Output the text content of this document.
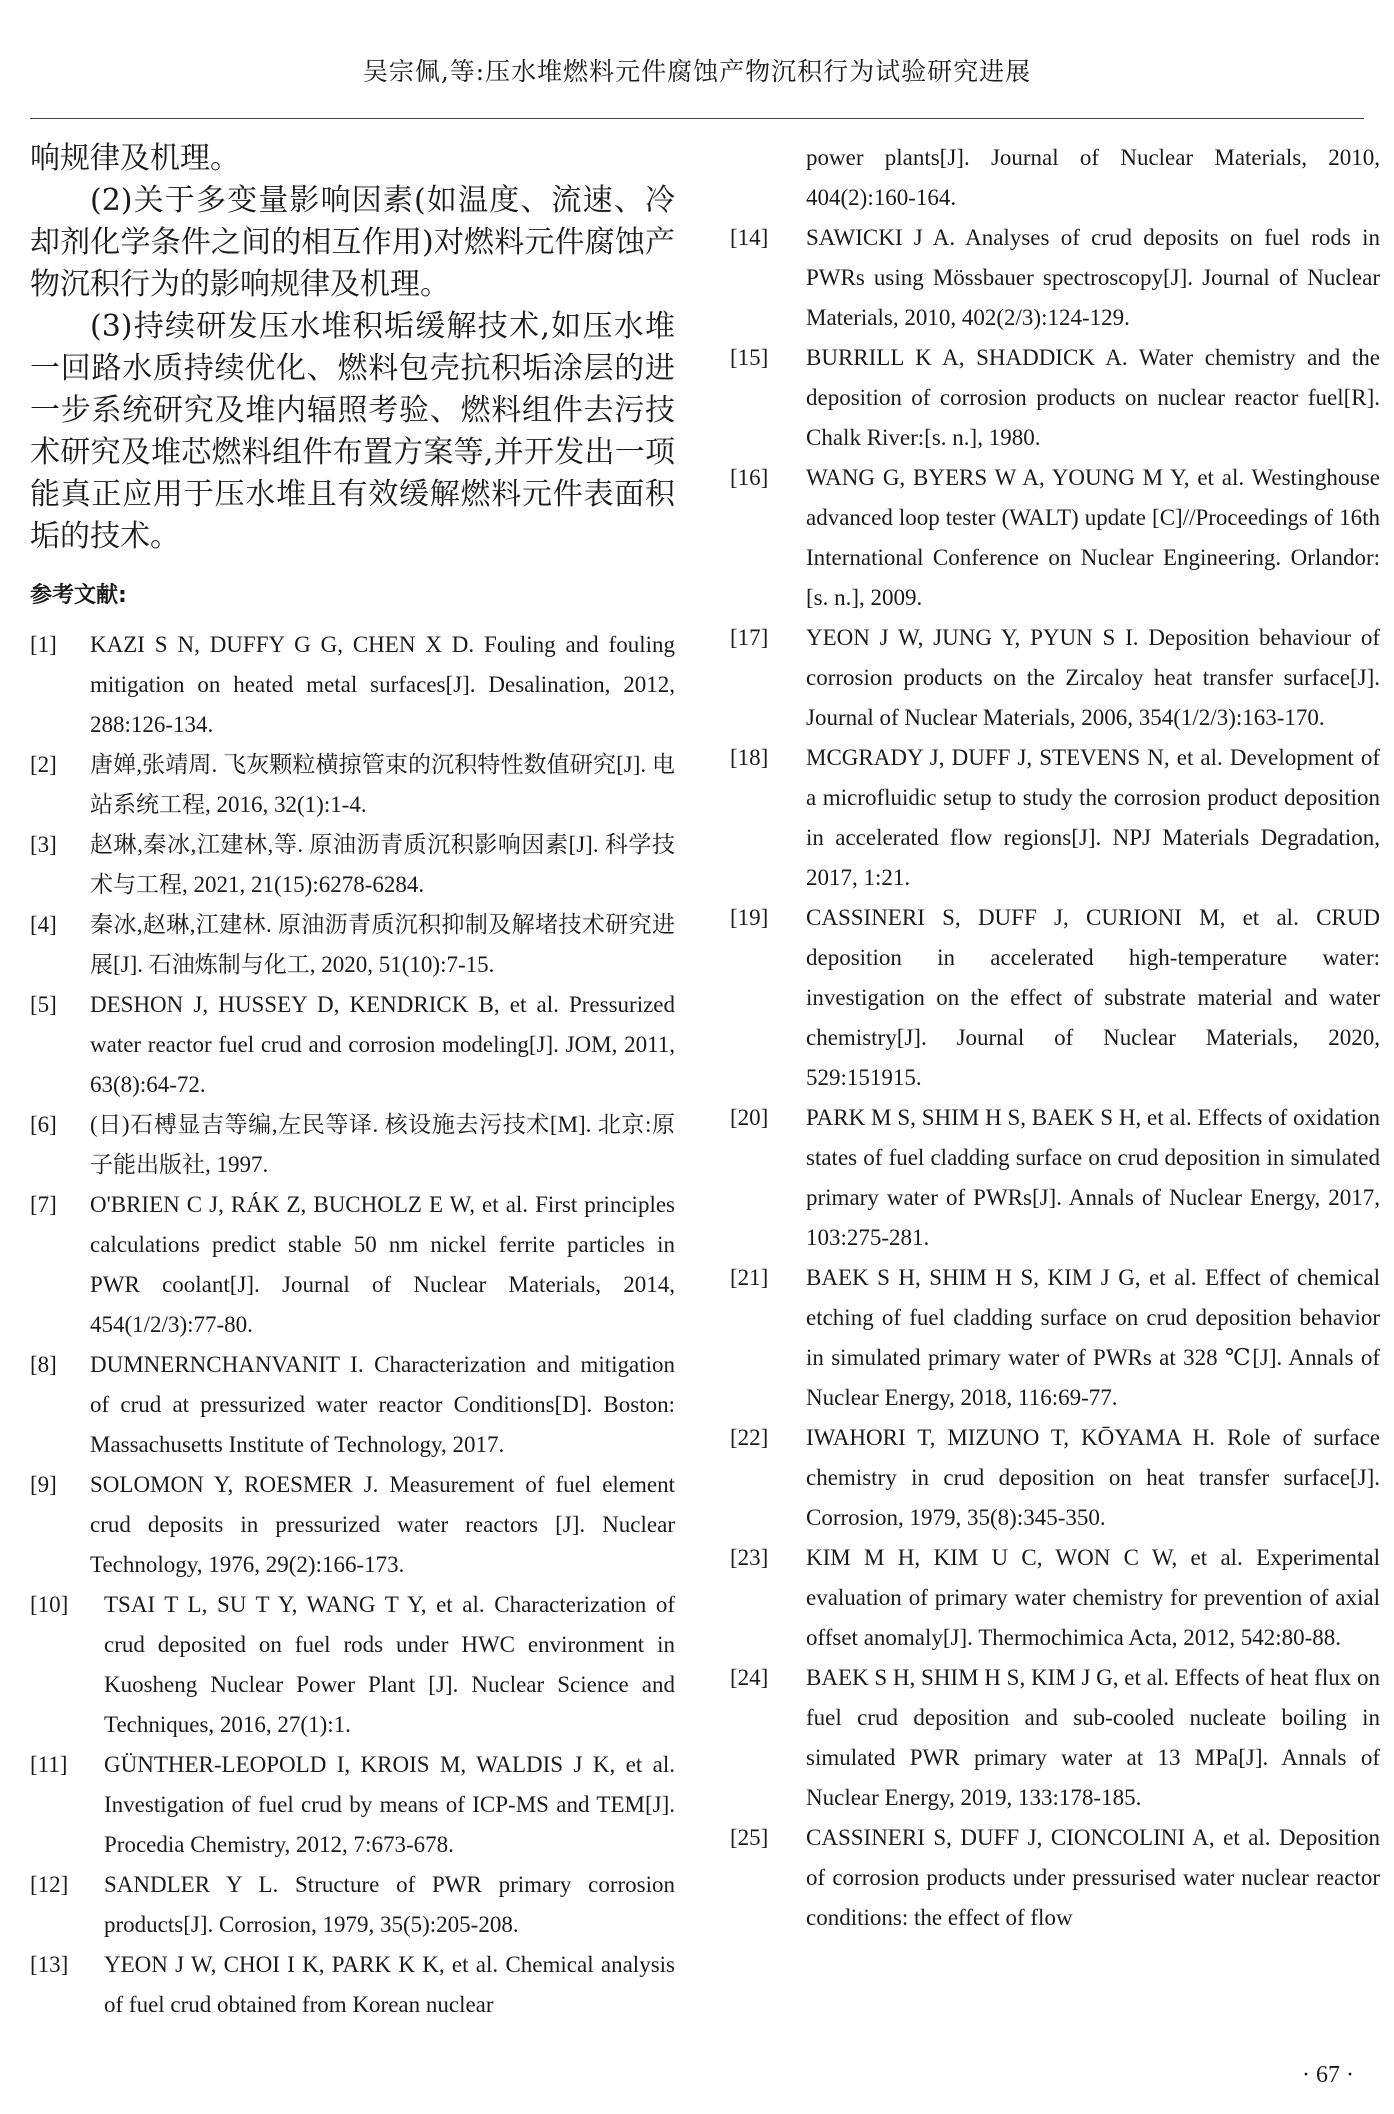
吴宗佩,等:压水堆燃料元件腐蚀产物沉积行为试验研究进展

响规律及机理。

(2)关于多变量影响因素(如温度、流速、冷却剂化学条件之间的相互作用)对燃料元件腐蚀产物沉积行为的影响规律及机理。

(3)持续研发压水堆积垢缓解技术,如压水堆一回路水质持续优化、燃料包壳抗积垢涂层的进一步系统研究及堆内辐照考验、燃料组件去污技术研究及堆芯燃料组件布置方案等,并开发出一项能真正应用于压水堆且有效缓解燃料元件表面积垢的技术。

参考文献:
[1]	KAZI S N, DUFFY G G, CHEN X D. Fouling and fouling mitigation on heated metal surfaces[J]. Desalination, 2012, 288:126-134.
[2]	唐婵,张靖周. 飞灰颗粒横掠管束的沉积特性数值研究[J]. 电站系统工程, 2016, 32(1):1-4.
[3]	赵琳,秦冰,江建林,等. 原油沥青质沉积影响因素[J]. 科学技术与工程, 2021, 21(15):6278-6284.
[4]	秦冰,赵琳,江建林. 原油沥青质沉积抑制及解堵技术研究进展[J]. 石油炼制与化工, 2020, 51(10):7-15.
[5]	DESHON J, HUSSEY D, KENDRICK B, et al. Pressurized water reactor fuel crud and corrosion modeling[J]. JOM, 2011, 63(8):64-72.
[6]	(日)石榑显吉等编,左民等译. 核设施去污技术[M]. 北京:原子能出版社, 1997.
[7]	O'BRIEN C J, RÁK Z, BUCHOLZ E W, et al. First principles calculations predict stable 50 nm nickel ferrite particles in PWR coolant[J]. Journal of Nuclear Materials, 2014, 454(1/2/3):77-80.
[8]	DUMNERNCHANVANIT I. Characterization and mitigation of crud at pressurized water reactor Conditions[D]. Boston: Massachusetts Institute of Technology, 2017.
[9]	SOLOMON Y, ROESMER J. Measurement of fuel element crud deposits in pressurized water reactors [J]. Nuclear Technology, 1976, 29(2):166-173.
[10]	TSAI T L, SU T Y, WANG T Y, et al. Characterization of crud deposited on fuel rods under HWC environment in Kuosheng Nuclear Power Plant [J]. Nuclear Science and Techniques, 2016, 27(1):1.
[11]	GÜNTHER-LEOPOLD I, KROIS M, WALDIS J K, et al. Investigation of fuel crud by means of ICP-MS and TEM[J]. Procedia Chemistry, 2012, 7:673-678.
[12]	SANDLER Y L. Structure of PWR primary corrosion products[J]. Corrosion, 1979, 35(5):205-208.
[13]	YEON J W, CHOI I K, PARK K K, et al. Chemical analysis of fuel crud obtained from Korean nuclear
power plants[J]. Journal of Nuclear Materials, 2010, 404(2):160-164.
[14]	SAWICKI J A. Analyses of crud deposits on fuel rods in PWRs using Mössbauer spectroscopy[J]. Journal of Nuclear Materials, 2010, 402(2/3):124-129.
[15]	BURRILL K A, SHADDICK A. Water chemistry and the deposition of corrosion products on nuclear reactor fuel[R]. Chalk River:[s. n.], 1980.
[16]	WANG G, BYERS W A, YOUNG M Y, et al. Westinghouse advanced loop tester (WALT) update [C]//Proceedings of 16th International Conference on Nuclear Engineering. Orlandor:[s. n.], 2009.
[17]	YEON J W, JUNG Y, PYUN S I. Deposition behaviour of corrosion products on the Zircaloy heat transfer surface[J]. Journal of Nuclear Materials, 2006, 354(1/2/3):163-170.
[18]	MCGRADY J, DUFF J, STEVENS N, et al. Development of a microfluidic setup to study the corrosion product deposition in accelerated flow regions[J]. NPJ Materials Degradation, 2017, 1:21.
[19]	CASSINERI S, DUFF J, CURIONI M, et al. CRUD deposition in accelerated high-temperature water: investigation on the effect of substrate material and water chemistry[J]. Journal of Nuclear Materials, 2020, 529:151915.
[20]	PARK M S, SHIM H S, BAEK S H, et al. Effects of oxidation states of fuel cladding surface on crud deposition in simulated primary water of PWRs[J]. Annals of Nuclear Energy, 2017, 103:275-281.
[21]	BAEK S H, SHIM H S, KIM J G, et al. Effect of chemical etching of fuel cladding surface on crud deposition behavior in simulated primary water of PWRs at 328 ℃[J]. Annals of Nuclear Energy, 2018, 116:69-77.
[22]	IWAHORI T, MIZUNO T, KŌYAMA H. Role of surface chemistry in crud deposition on heat transfer surface[J]. Corrosion, 1979, 35(8):345-350.
[23]	KIM M H, KIM U C, WON C W, et al. Experimental evaluation of primary water chemistry for prevention of axial offset anomaly[J]. Thermochimica Acta, 2012, 542:80-88.
[24]	BAEK S H, SHIM H S, KIM J G, et al. Effects of heat flux on fuel crud deposition and sub-cooled nucleate boiling in simulated PWR primary water at 13 MPa[J]. Annals of Nuclear Energy, 2019, 133:178-185.
[25]	CASSINERI S, DUFF J, CIONCOLINI A, et al. Deposition of corrosion products under pressurised water nuclear reactor conditions: the effect of flow
· 67 ·
